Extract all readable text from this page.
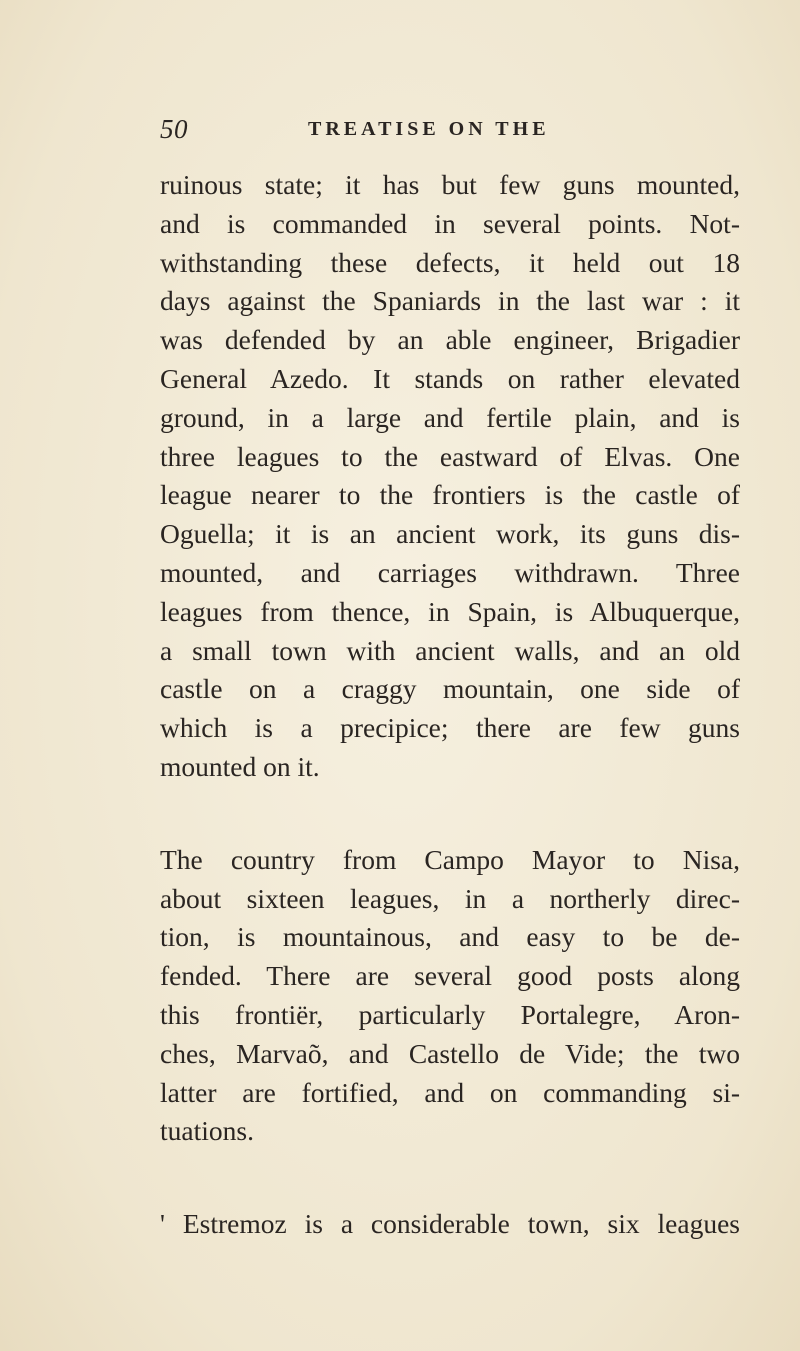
50	TREATISE ON THE
ruinous state; it has but few guns mounted,
and is commanded in several points. Not-
withstanding these defects, it held out 18
days against the Spaniards in the last war : it
was defended by an able engineer, Brigadier
General Azedo. It stands on rather elevated
ground, in a large and fertile plain, and is
three leagues to the eastward of Elvas. One
league nearer to the frontiers is the castle of
Oguella; it is an ancient work, its guns dis-
mounted, and carriages withdrawn. Three
leagues from thence, in Spain, is Albuquerque,
a small town with ancient walls, and an old
castle on a craggy mountain, one side of
which is a precipice; there are few guns
mounted on it.
The country from Campo Mayor to Nisa,
about sixteen leagues, in a northerly direc-
tion, is mountainous, and easy to be de-
fended. There are several good posts along
this frontiër, particularly Portalegre, Aron-
ches, Marvaõ, and Castello de Vide; the two
latter are fortified, and on commanding si-
tuations.
' Estremoz is a considerable town, six leagues
